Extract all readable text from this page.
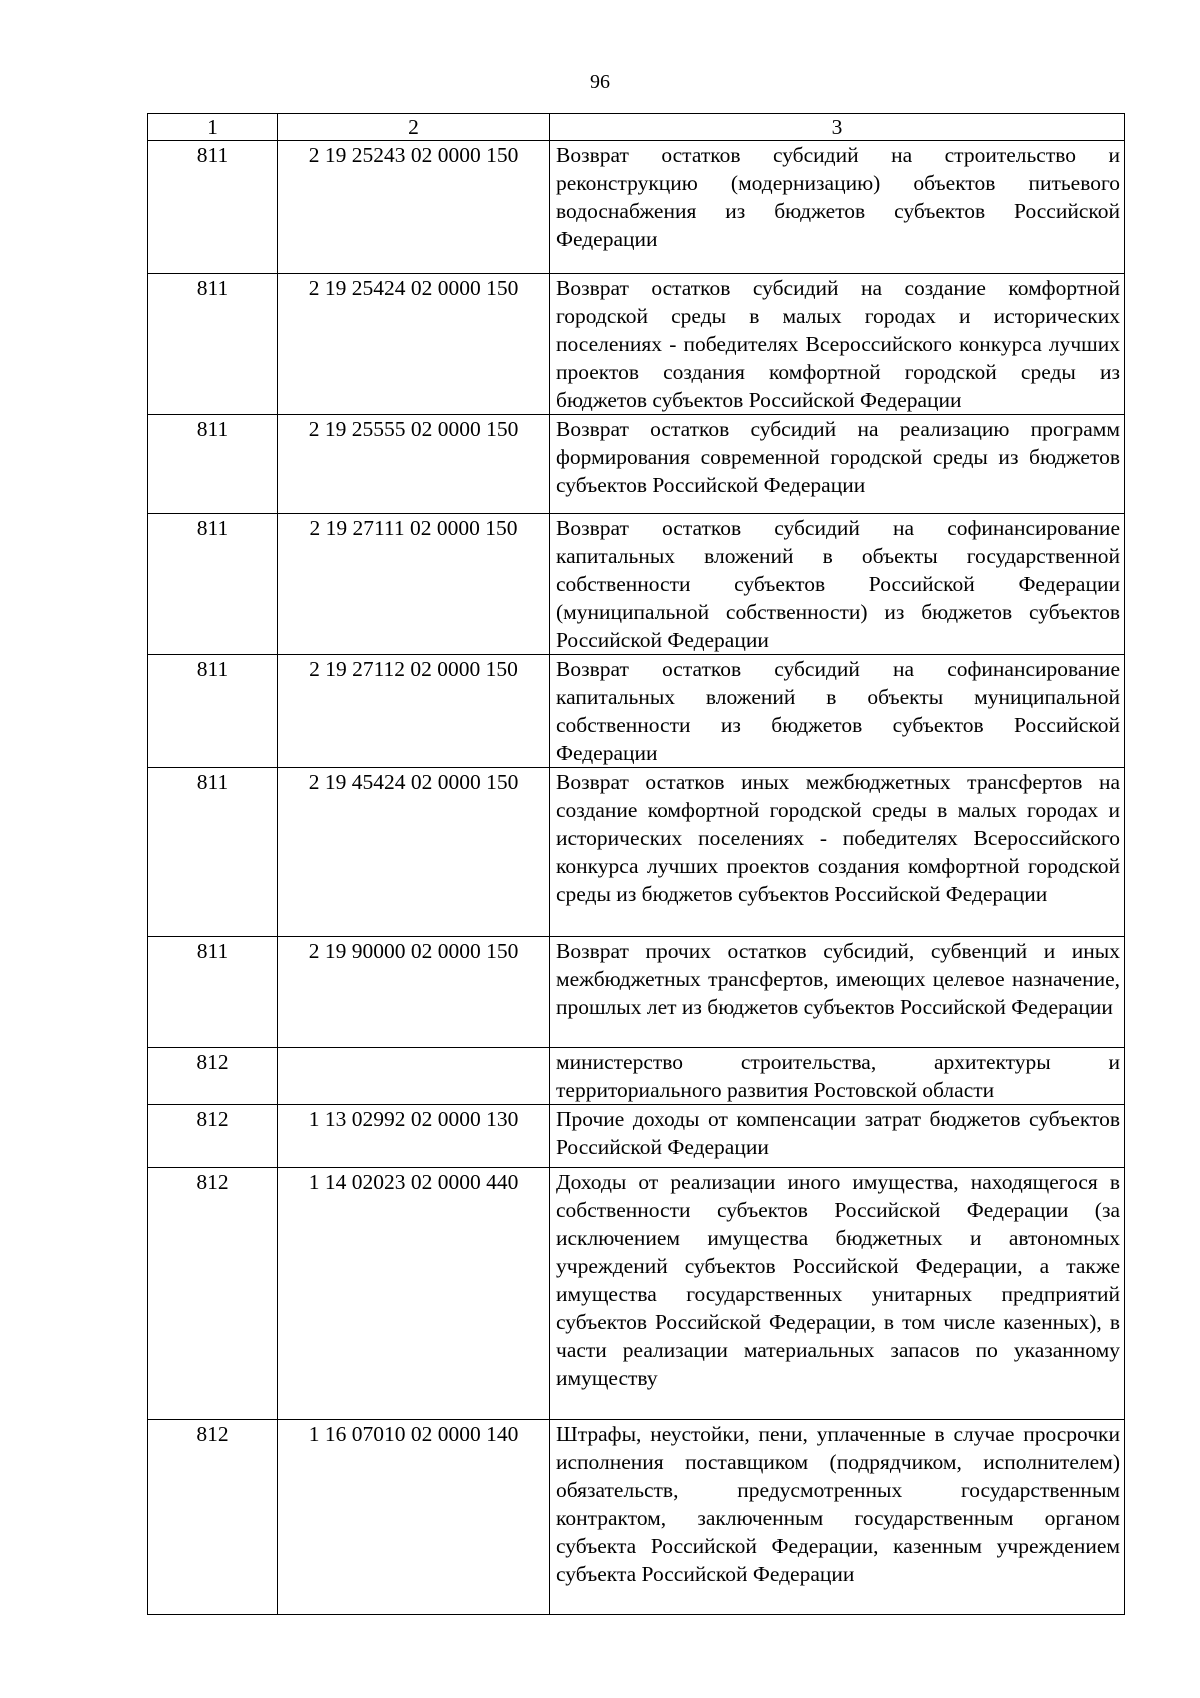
96
1	2	3
811	2 19 25243 02 0000 150	Возврат остатков субсидий на строительство и реконструкцию (модернизацию) объектов питьевого водоснабжения из бюджетов субъектов Российской Федерации
811	2 19 25424 02 0000 150	Возврат остатков субсидий на создание комфортной городской среды в малых городах и исторических поселениях - победителях Всероссийского конкурса лучших проектов создания комфортной городской среды из бюджетов субъектов Российской Федерации
811	2 19 25555 02 0000 150	Возврат остатков субсидий на реализацию программ формирования современной городской среды из бюджетов субъектов Российской Федерации
811	2 19 27111 02 0000 150	Возврат остатков субсидий на софинансирование капитальных вложений в объекты государственной собственности субъектов Российской Федерации (муниципальной собственности) из бюджетов субъектов Российской Федерации
811	2 19 27112 02 0000 150	Возврат остатков субсидий на софинансирование капитальных вложений в объекты муниципальной собственности из бюджетов субъектов Российской Федерации
811	2 19 45424 02 0000 150	Возврат остатков иных межбюджетных трансфертов на создание комфортной городской среды в малых городах и исторических поселениях - победителях Всероссийского конкурса лучших проектов создания комфортной городской среды из бюджетов субъектов Российской Федерации
811	2 19 90000 02 0000 150	Возврат прочих остатков субсидий, субвенций и иных межбюджетных трансфертов, имеющих целевое назначение, прошлых лет из бюджетов субъектов Российской Федерации
812		министерство строительства, архитектуры и территориального развития Ростовской области
812	1 13 02992 02 0000 130	Прочие доходы от компенсации затрат бюджетов субъектов Российской Федерации
812	1 14 02023 02 0000 440	Доходы от реализации иного имущества, находящегося в собственности субъектов Российской Федерации (за исключением имущества бюджетных и автономных учреждений субъектов Российской Федерации, а также имущества государственных унитарных предприятий субъектов Российской Федерации, в том числе казенных), в части реализации материальных запасов по указанному имуществу
812	1 16 07010 02 0000 140	Штрафы, неустойки, пени, уплаченные в случае просрочки исполнения поставщиком (подрядчиком, исполнителем) обязательств, предусмотренных государственным контрактом, заключенным государственным органом субъекта Российской Федерации, казенным учреждением субъекта Российской Федерации
